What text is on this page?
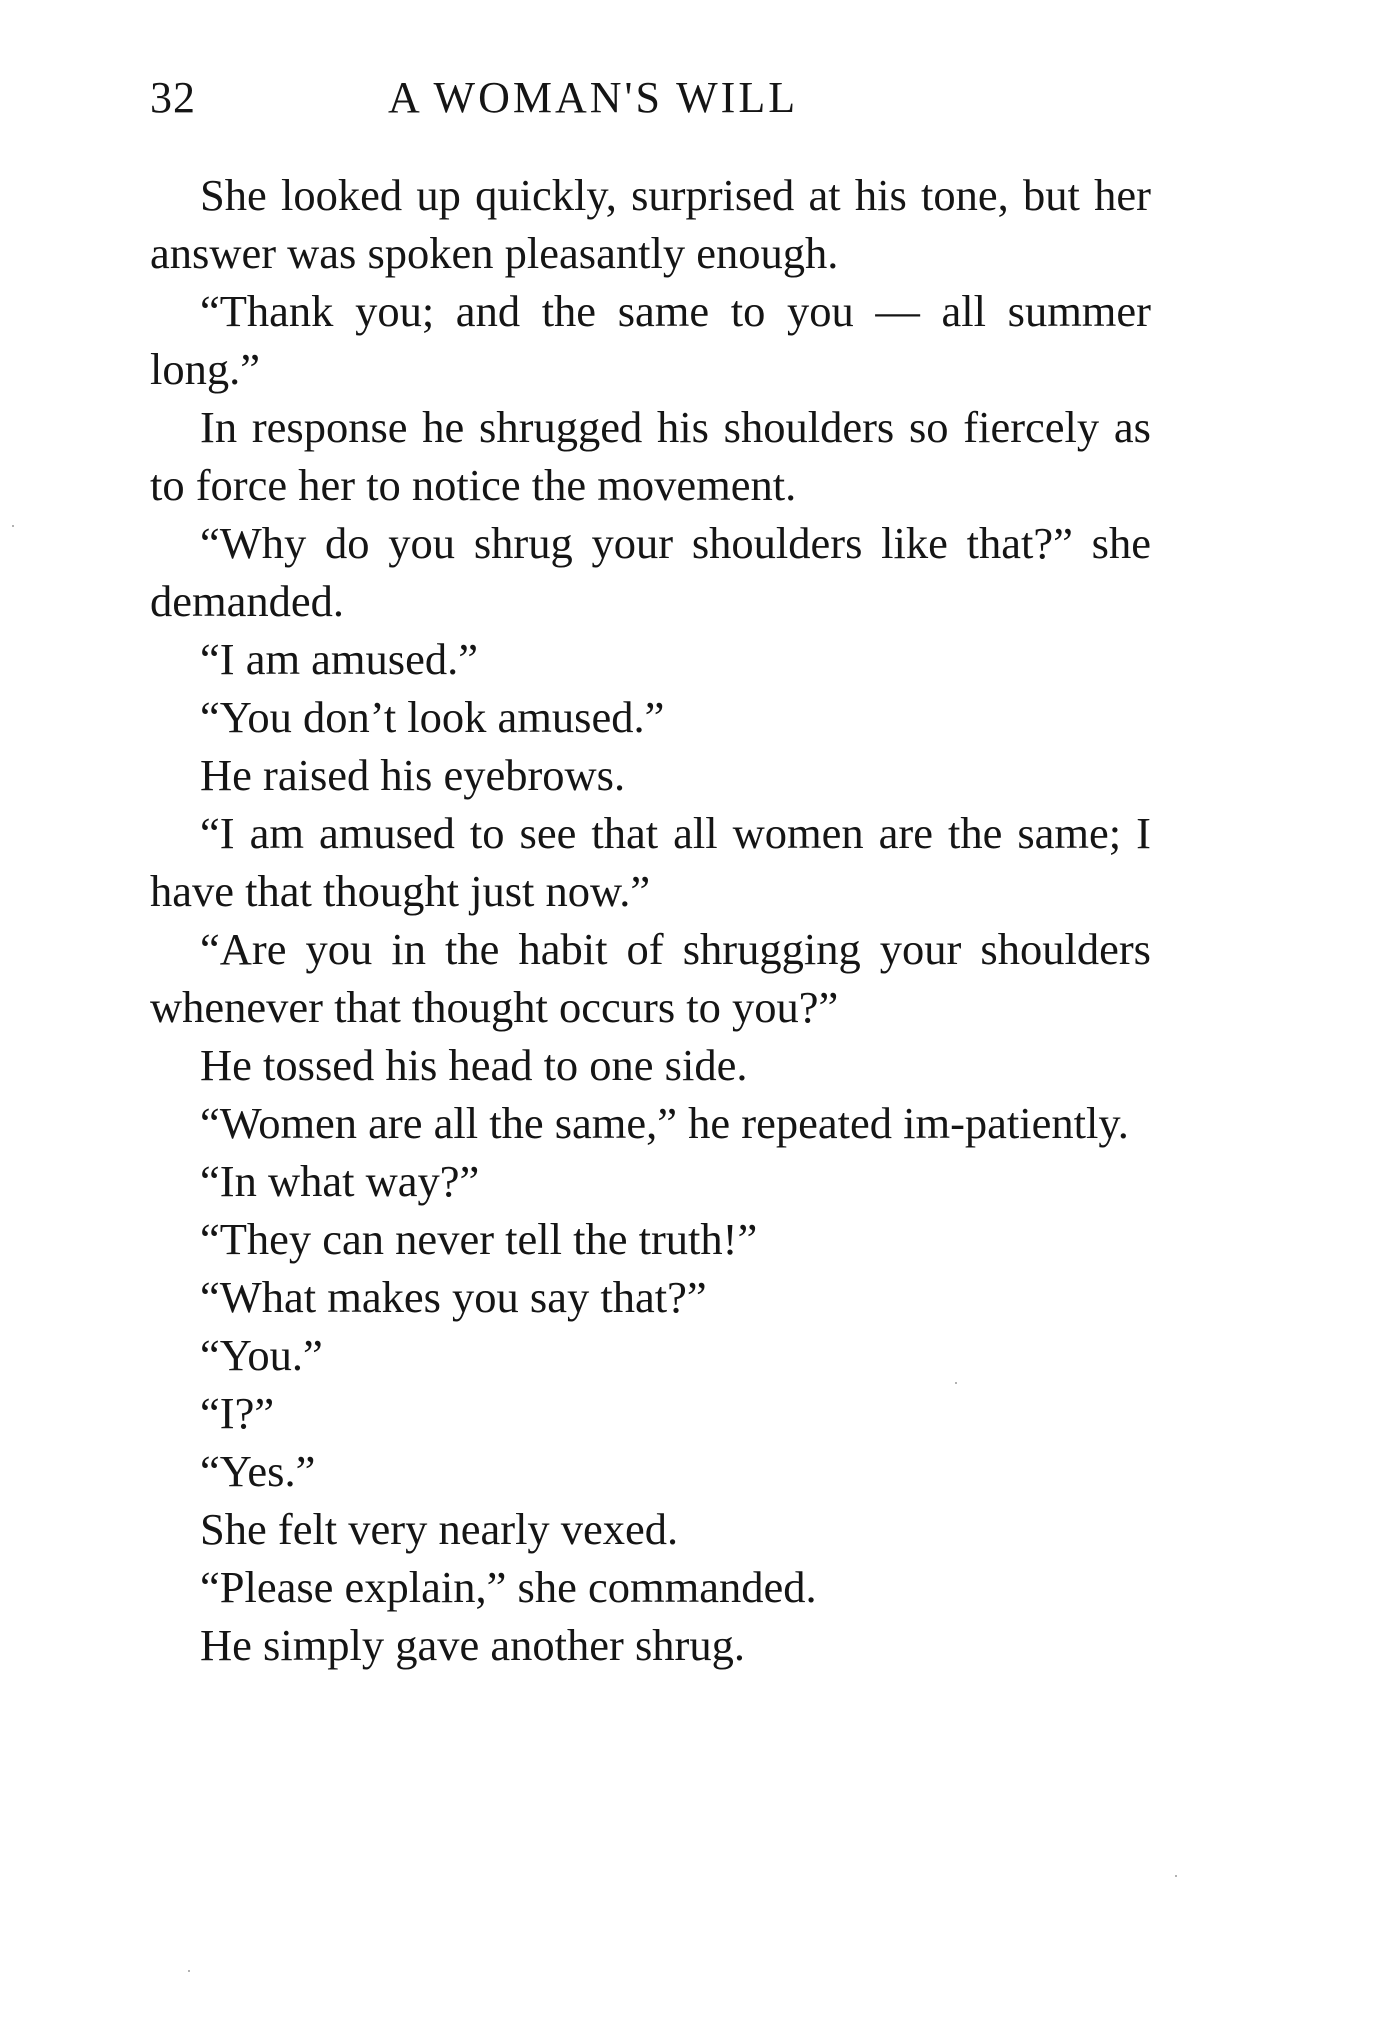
32	A WOMAN'S WILL

She looked up quickly, surprised at his tone, but her answer was spoken pleasantly enough.

“Thank you; and the same to you — all summer long.”

In response he shrugged his shoulders so fiercely as to force her to notice the movement.

“Why do you shrug your shoulders like that?” she demanded.

“I am amused.”

“You don’t look amused.”

He raised his eyebrows.

“I am amused to see that all women are the same; I have that thought just now.”

“Are you in the habit of shrugging your shoulders whenever that thought occurs to you?”

He tossed his head to one side.

“Women are all the same,” he repeated im-patiently.

“In what way?”

“They can never tell the truth!”

“What makes you say that?”

“You.”

“I?”

“Yes.”

She felt very nearly vexed.

“Please explain,” she commanded.

He simply gave another shrug.
